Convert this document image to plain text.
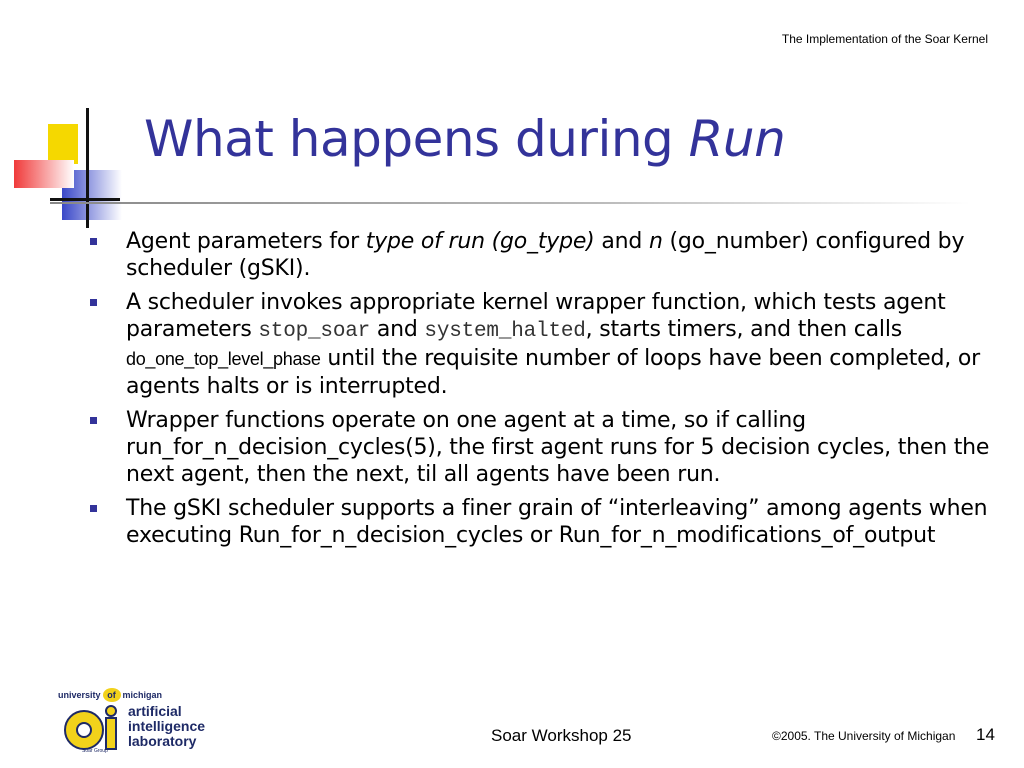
The Implementation of the Soar Kernel
What happens during Run
Agent parameters for type of run (go_type) and n (go_number) configured by scheduler (gSKI).
A scheduler invokes appropriate kernel wrapper function, which tests agent parameters stop_soar and system_halted, starts timers, and then calls do_one_top_level_phase until the requisite number of loops have been completed, or agents halts or is interrupted.
Wrapper functions operate on one agent at a time, so if calling run_for_n_decision_cycles(5), the first agent runs for 5 decision cycles, then the next agent, then the next, til all agents have been run.
The gSKI scheduler supports a finer grain of “interleaving” among agents when executing Run_for_n_decision_cycles or Run_for_n_modifications_of_output
university of michigan
Soar Group
artificial
intelligence
laboratory	Soar Workshop 25	©2005. The University of Michigan 14
